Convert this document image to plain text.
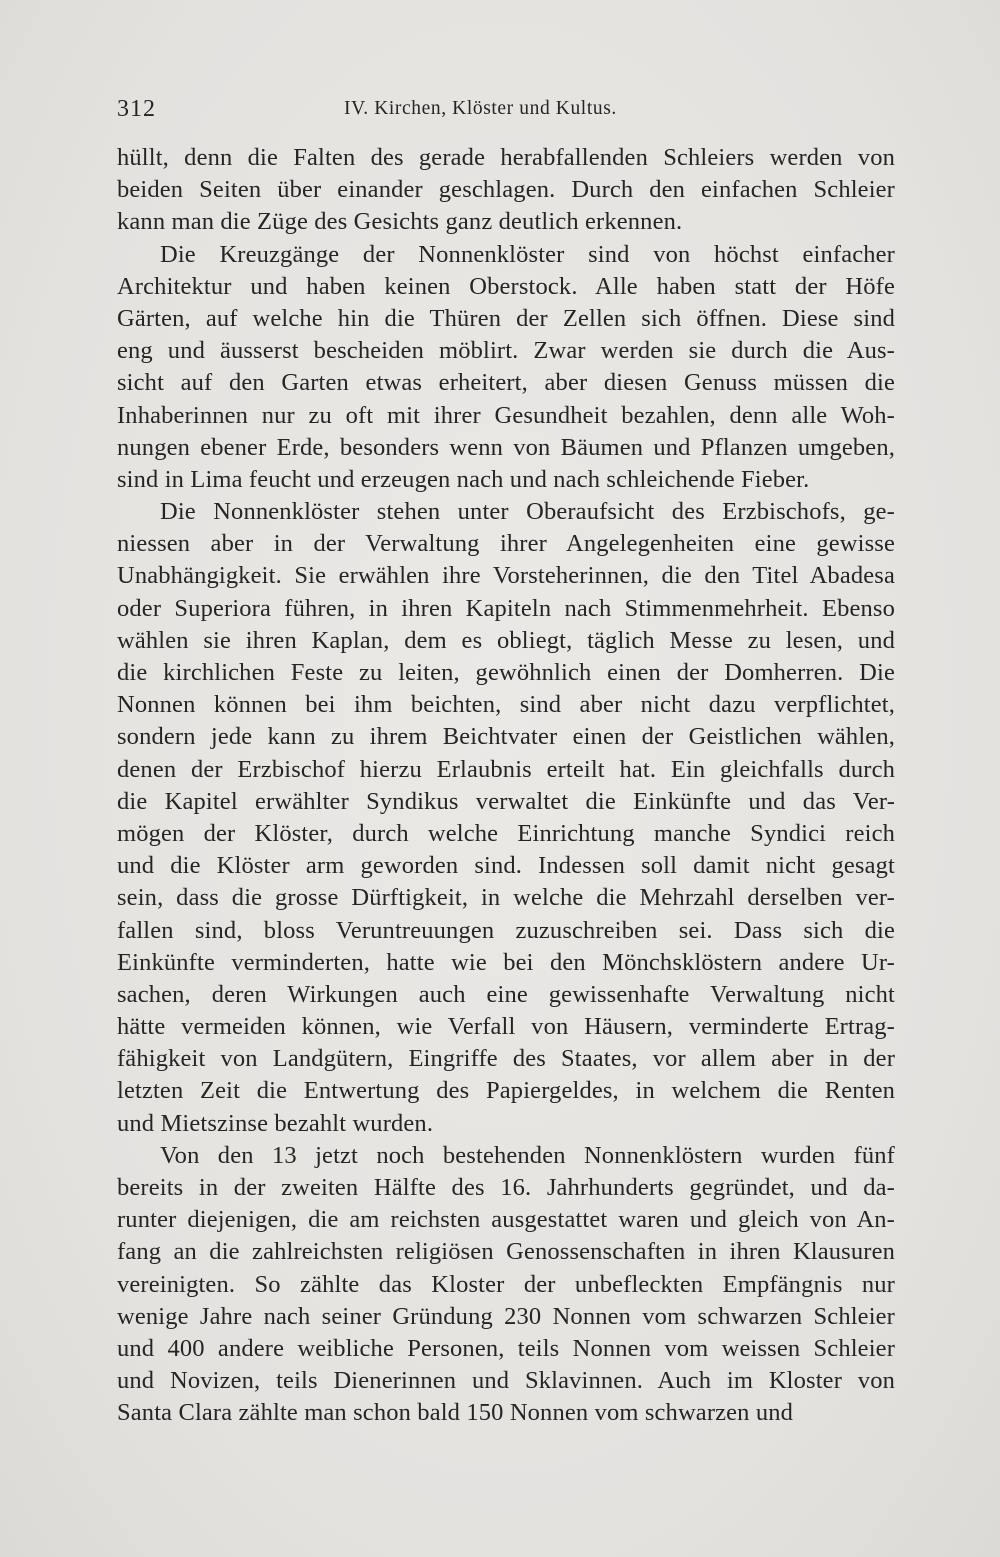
312	IV. Kirchen, Klöster und Kultus.
hüllt, denn die Falten des gerade herabfallenden Schleiers werden von
beiden Seiten über einander geschlagen. Durch den einfachen Schleier
kann man die Züge des Gesichts ganz deutlich erkennen.
Die Kreuzgänge der Nonnenklöster sind von höchst einfacher
Architektur und haben keinen Oberstock. Alle haben statt der Höfe
Gärten, auf welche hin die Thüren der Zellen sich öffnen. Diese sind
eng und äusserst bescheiden möblirt. Zwar werden sie durch die Aus-
sicht auf den Garten etwas erheitert, aber diesen Genuss müssen die
Inhaberinnen nur zu oft mit ihrer Gesundheit bezahlen, denn alle Woh-
nungen ebener Erde, besonders wenn von Bäumen und Pflanzen umgeben,
sind in Lima feucht und erzeugen nach und nach schleichende Fieber.
Die Nonnenklöster stehen unter Oberaufsicht des Erzbischofs, ge-
niessen aber in der Verwaltung ihrer Angelegenheiten eine gewisse
Unabhängigkeit. Sie erwählen ihre Vorsteherinnen, die den Titel Abadesa
oder Superiora führen, in ihren Kapiteln nach Stimmenmehrheit. Ebenso
wählen sie ihren Kaplan, dem es obliegt, täglich Messe zu lesen, und
die kirchlichen Feste zu leiten, gewöhnlich einen der Domherren. Die
Nonnen können bei ihm beichten, sind aber nicht dazu verpflichtet,
sondern jede kann zu ihrem Beichtvater einen der Geistlichen wählen,
denen der Erzbischof hierzu Erlaubnis erteilt hat. Ein gleichfalls durch
die Kapitel erwählter Syndikus verwaltet die Einkünfte und das Ver-
mögen der Klöster, durch welche Einrichtung manche Syndici reich
und die Klöster arm geworden sind. Indessen soll damit nicht gesagt
sein, dass die grosse Dürftigkeit, in welche die Mehrzahl derselben ver-
fallen sind, bloss Veruntreuungen zuzuschreiben sei. Dass sich die
Einkünfte verminderten, hatte wie bei den Mönchsklöstern andere Ur-
sachen, deren Wirkungen auch eine gewissenhafte Verwaltung nicht
hätte vermeiden können, wie Verfall von Häusern, verminderte Ertrag-
fähigkeit von Landgütern, Eingriffe des Staates, vor allem aber in der
letzten Zeit die Entwertung des Papiergeldes, in welchem die Renten
und Mietszinse bezahlt wurden.
Von den 13 jetzt noch bestehenden Nonnenklöstern wurden fünf
bereits in der zweiten Hälfte des 16. Jahrhunderts gegründet, und da-
runter diejenigen, die am reichsten ausgestattet waren und gleich von An-
fang an die zahlreichsten religiösen Genossenschaften in ihren Klausuren
vereinigten. So zählte das Kloster der unbefleckten Empfängnis nur
wenige Jahre nach seiner Gründung 230 Nonnen vom schwarzen Schleier
und 400 andere weibliche Personen, teils Nonnen vom weissen Schleier
und Novizen, teils Dienerinnen und Sklavinnen. Auch im Kloster von
Santa Clara zählte man schon bald 150 Nonnen vom schwarzen und
